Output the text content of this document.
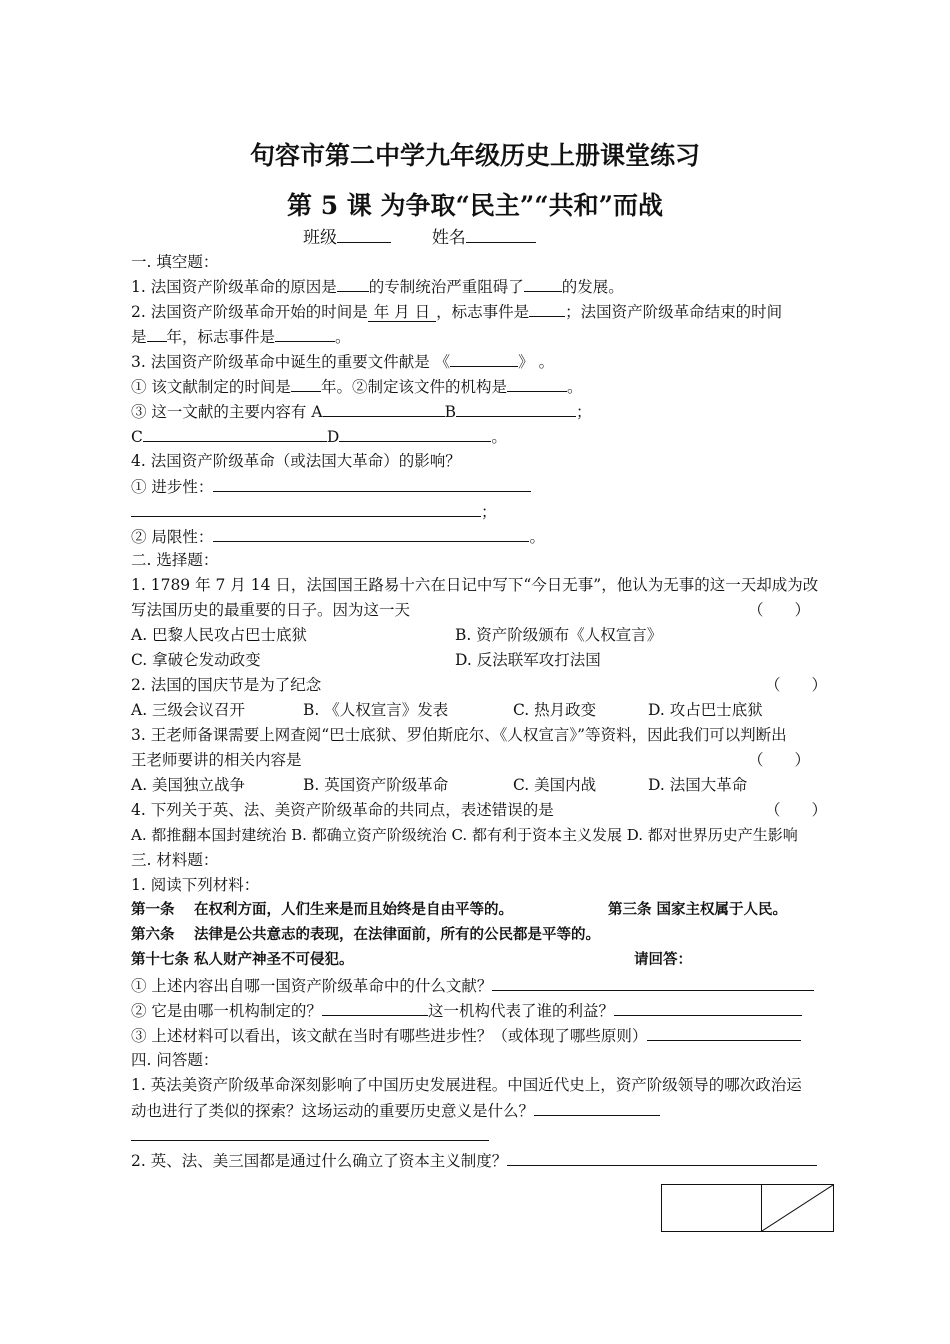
句容市第二中学九年级历史上册课堂练习
第 5 课 为争取“民主”“共和”而战
班级	姓名
一. 填空题：
1. 法国资产阶级革命的原因是 的专制统治严重阻碍了 的发展。
2. 法国资产阶级革命开始的时间是 年 月 日 ，标志事件是 ；法国资产阶级革命结束的时间
是 年，标志事件是	。
3. 法国资产阶级革命中诞生的重要文件献是 《	》 。
① 该文献制定的时间是 年。②制定该文件的机构是	。
③ 这一文献的主要内容有 A	B	；
C	D	。
4. 法国资产阶级革命（或法国大革命）的影响？
① 进步性：
；
② 局限性：	。
二. 选择题：
1. 1789 年 7 月 14 日，法国国王路易十六在日记中写下“今日无事”，他认为无事的这一天却成为改
写法国历史的最重要的日子。因为这一天	（　　）
A. 巴黎人民攻占巴士底狱	B. 资产阶级颁布《人权宣言》
C. 拿破仑发动政变	D. 反法联军攻打法国
2. 法国的国庆节是为了纪念	（　　）
A. 三级会议召开	B. 《人权宣言》发表	C. 热月政变	D. 攻占巴士底狱
3. 王老师备课需要上网查阅“巴士底狱、罗伯斯庇尔、《人权宣言》”等资料，因此我们可以判断出
王老师要讲的相关内容是	（　　）
A. 美国独立战争	B. 英国资产阶级革命	C. 美国内战	D. 法国大革命
4. 下列关于英、法、美资产阶级革命的共同点，表述错误的是	（　　）
A. 都推翻本国封建统治 B. 都确立资产阶级统治 C. 都有利于资本主义发展 D. 都对世界历史产生影响
三. 材料题：
1. 阅读下列材料：
第一条　 在权利方面，人们生来是而且始终是自由平等的。	第三条 国家主权属于人民。
第六条　 法律是公共意志的表现，在法律面前，所有的公民都是平等的。
第十七条 私人财产神圣不可侵犯。	请回答：
① 上述内容出自哪一国资产阶级革命中的什么文献？
② 它是由哪一机构制定的？	这一机构代表了谁的利益？
③ 上述材料可以看出，该文献在当时有哪些进步性？（或体现了哪些原则）
四. 问答题：
1. 英法美资产阶级革命深刻影响了中国历史发展进程。中国近代史上，资产阶级领导的哪次政治运
动也进行了类似的探索？这场运动的重要历史意义是什么？
2. 英、法、美三国都是通过什么确立了资本主义制度？
